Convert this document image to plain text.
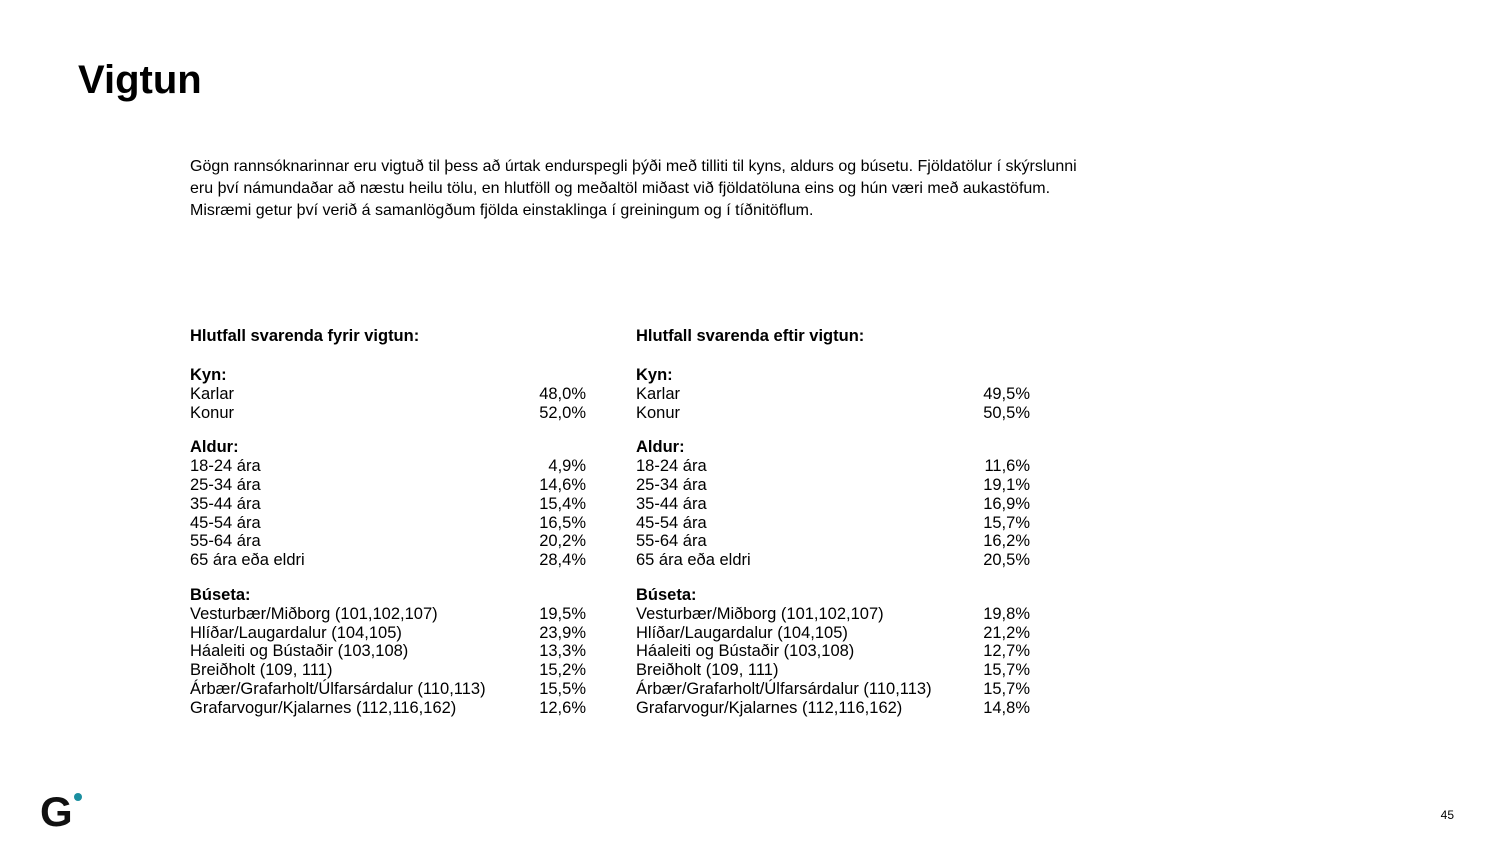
Vigtun
Gögn rannsóknarinnar eru vigtuð til þess að úrtak endurspegli þýði með tilliti til kyns, aldurs og búsetu. Fjöldatölur í skýrslunni
eru því námundaðar að næstu heilu tölu, en hlutföll og meðaltöl miðast við fjöldatöluna eins og hún væri með aukastöfum.
Misræmi getur því verið á samanlögðum fjölda einstaklinga í greiningum og í tíðnitöflum.
Hlutfall svarenda fyrir vigtun:
Kyn:
Karlar	48,0%
Konur	52,0%
Aldur:
18-24 ára	4,9%
25-34 ára	14,6%
35-44 ára	15,4%
45-54 ára	16,5%
55-64 ára	20,2%
65 ára eða eldri	28,4%
Búseta:
Vesturbær/Miðborg (101,102,107)	19,5%
Hlíðar/Laugardalur (104,105)	23,9%
Háaleiti og Bústaðir (103,108)	13,3%
Breiðholt (109, 111)	15,2%
Árbær/Grafarholt/Úlfarsárdalur (110,113)	15,5%
Grafarvogur/Kjalarnes (112,116,162)	12,6%
Hlutfall svarenda eftir vigtun:
Kyn:
Karlar	49,5%
Konur	50,5%
Aldur:
18-24 ára	11,6%
25-34 ára	19,1%
35-44 ára	16,9%
45-54 ára	15,7%
55-64 ára	16,2%
65 ára eða eldri	20,5%
Búseta:
Vesturbær/Miðborg (101,102,107)	19,8%
Hlíðar/Laugardalur (104,105)	21,2%
Háaleiti og Bústaðir (103,108)	12,7%
Breiðholt (109, 111)	15,7%
Árbær/Grafarholt/Úlfarsárdalur (110,113)	15,7%
Grafarvogur/Kjalarnes (112,116,162)	14,8%
G	45
